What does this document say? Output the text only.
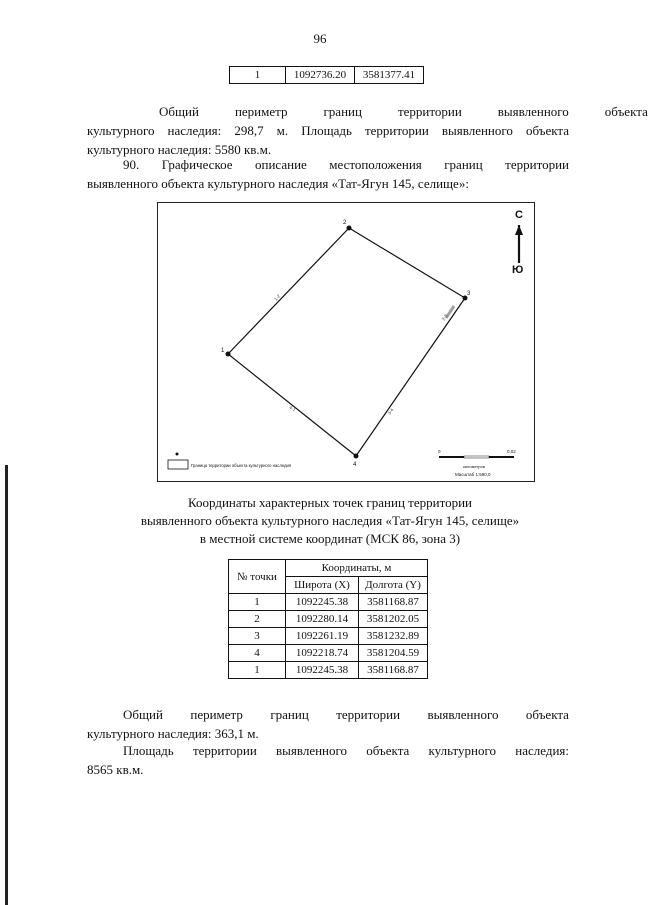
96
1	1092736.20	3581377.41
Общий	периметр	границ	территории	выявленного	объекта
культурного наследия: 298,7 м. Площадь территории выявленного объекта
культурного наследия: 5580 кв.м.
90. Графическое описание местоположения границ территории
выявленного объекта культурного наследия «Тат-Ягун 145, селище»:
1
2
3
4
1-2
2-3
3-4
4-1
С
Ю
Граница территории объекта культурного наследия
0	0,02
километров
Масштаб 1:590,0
Координаты характерных точек границ территории
выявленного объекта культурного наследия «Тат-Ягун 145, селище»
в местной системе координат (МСК 86, зона 3)
№ точки	Координаты, м	
	Широта (X)	Долгота (Y)
1	1092245.38	3581168.87
2	1092280.14	3581202.05
3	1092261.19	3581232.89
4	1092218.74	3581204.59
1	1092245.38	3581168.87
Общий периметр границ территории выявленного объекта
культурного наследия: 363,1 м.
Площадь территории выявленного объекта культурного наследия:
8565 кв.м.
